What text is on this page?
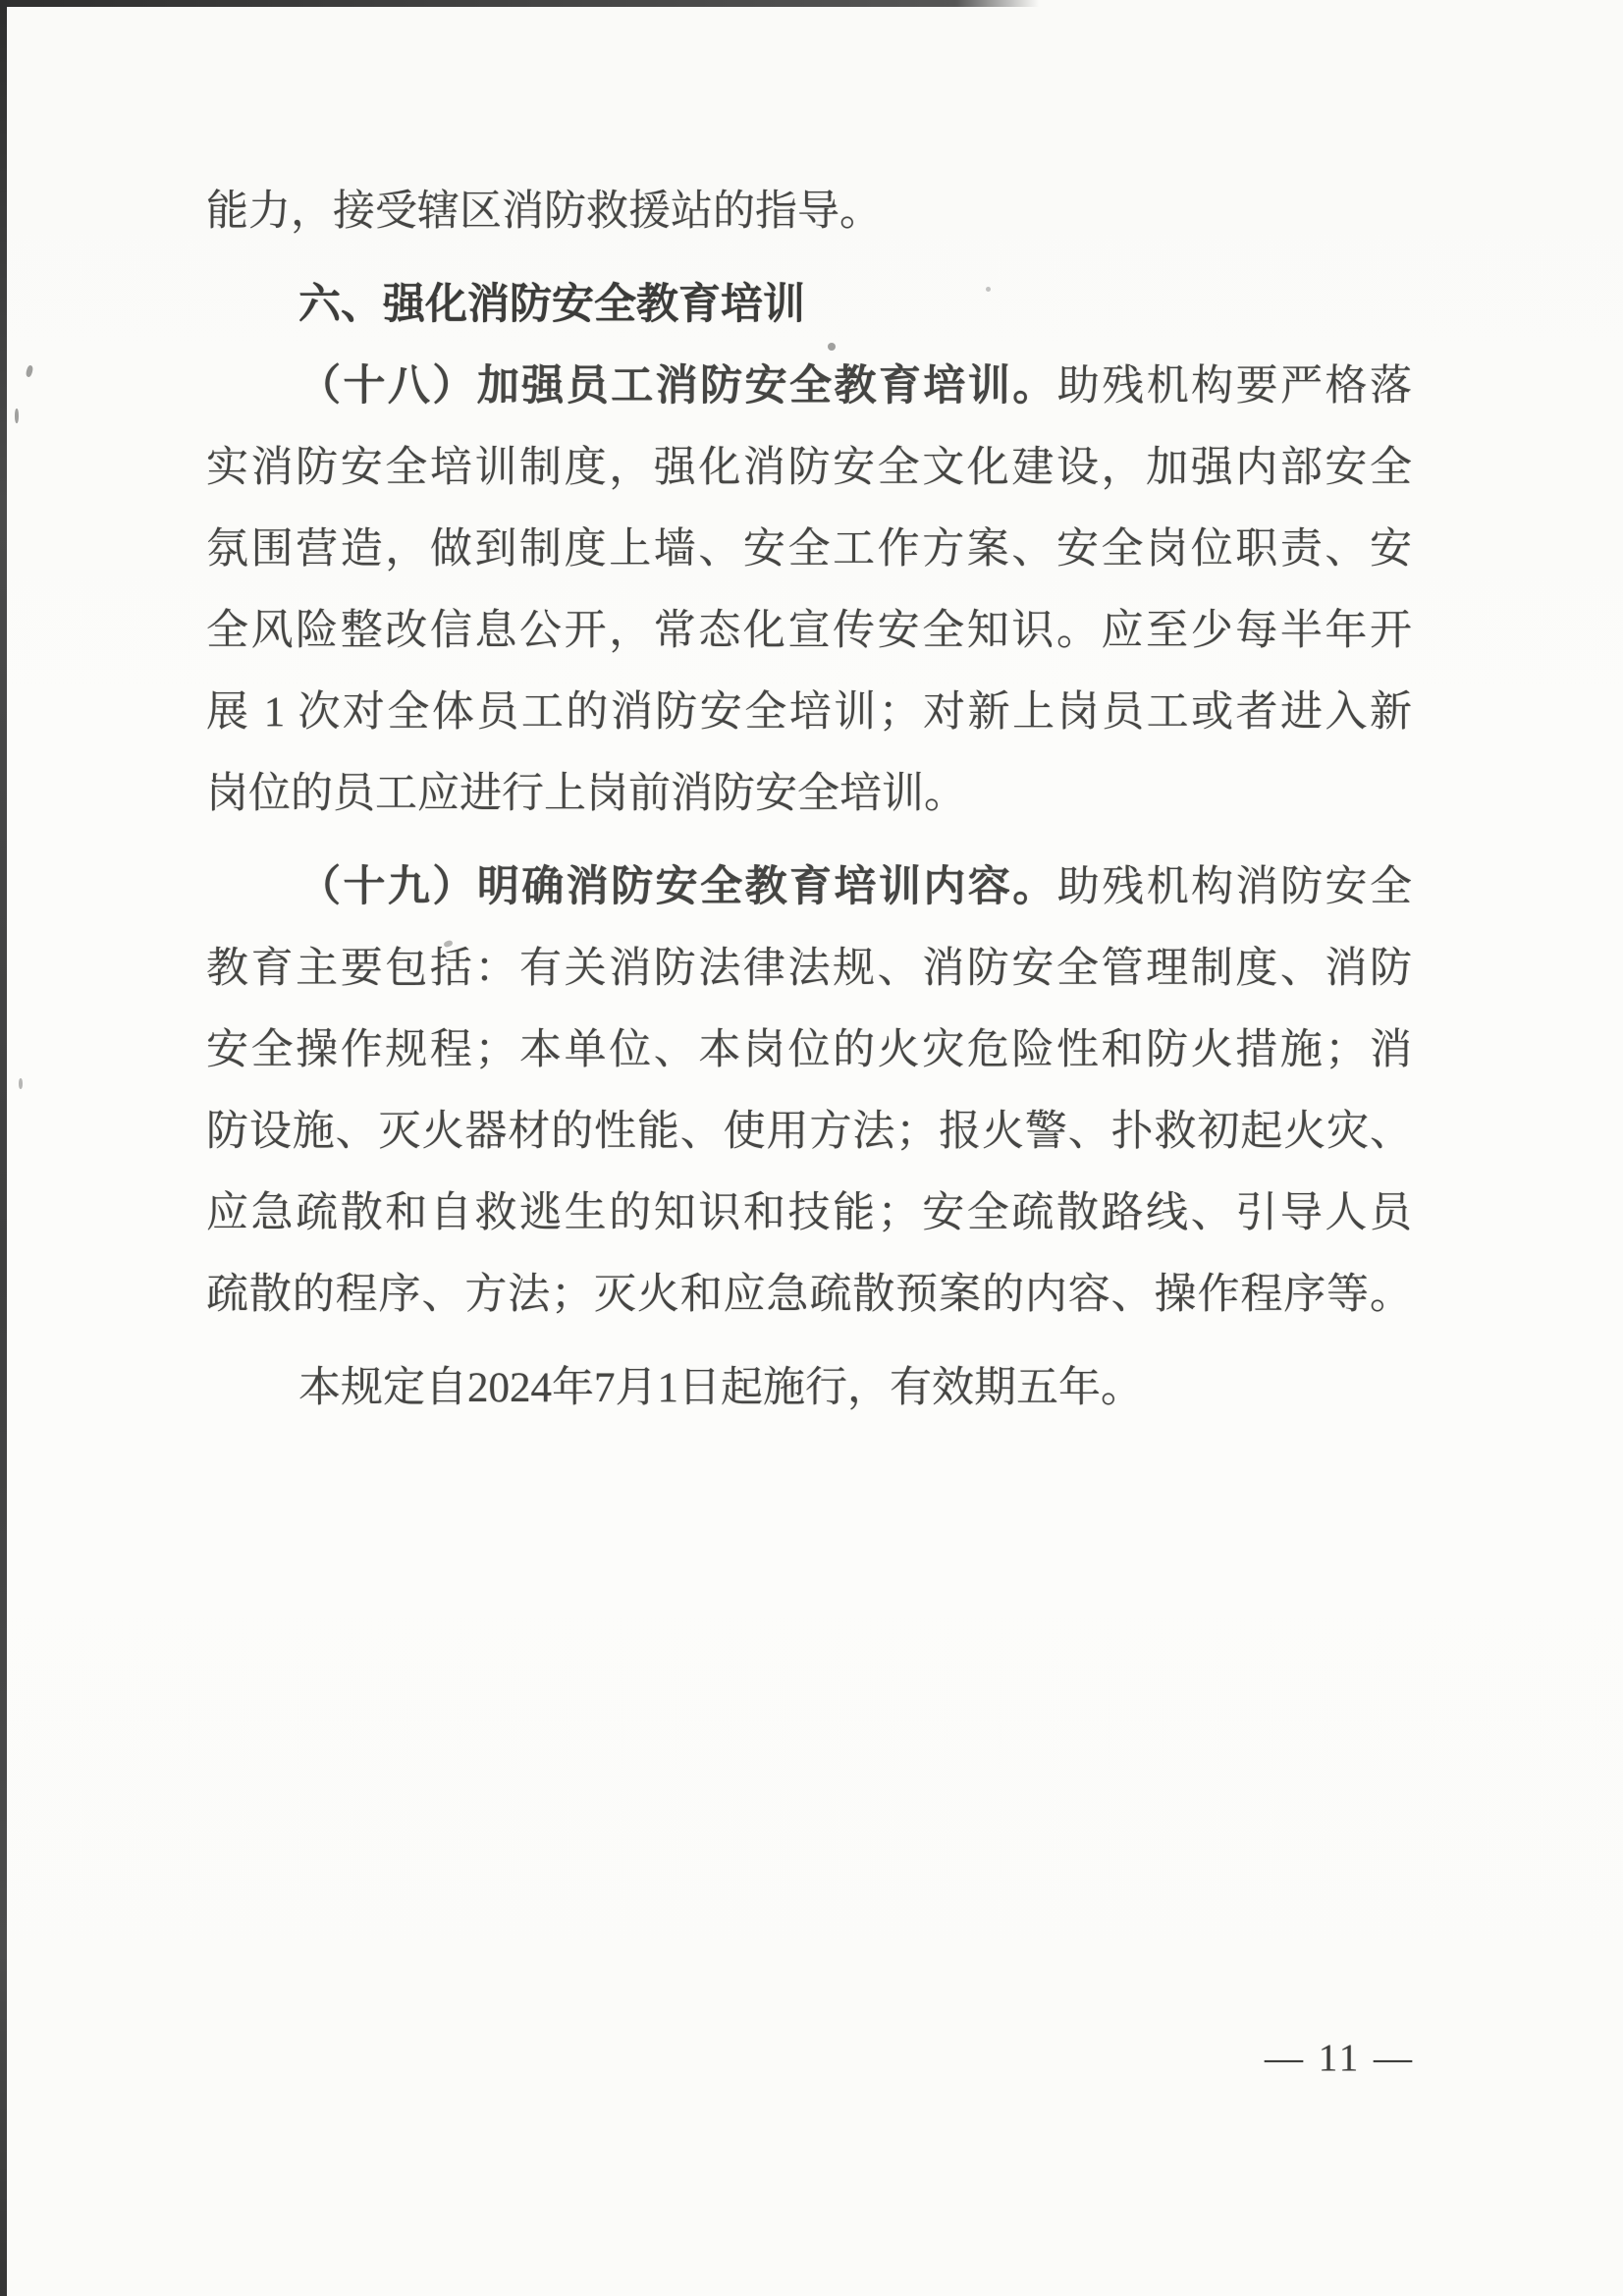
能力，接受辖区消防救援站的指导。
六、强化消防安全教育培训
（十八）加强员工消防安全教育培训。助残机构要严格落
实消防安全培训制度，强化消防安全文化建设，加强内部安全
氛围营造，做到制度上墙、安全工作方案、安全岗位职责、安
全风险整改信息公开，常态化宣传安全知识。应至少每半年开
展 1 次对全体员工的消防安全培训；对新上岗员工或者进入新
岗位的员工应进行上岗前消防安全培训。
（十九）明确消防安全教育培训内容。助残机构消防安全
教育主要包括：有关消防法律法规、消防安全管理制度、消防
安全操作规程；本单位、本岗位的火灾危险性和防火措施；消
防设施、灭火器材的性能、使用方法；报火警、扑救初起火灾、
应急疏散和自救逃生的知识和技能；安全疏散路线、引导人员
疏散的程序、方法；灭火和应急疏散预案的内容、操作程序等。
本规定自2024年7月1日起施行，有效期五年。
— 11 —
